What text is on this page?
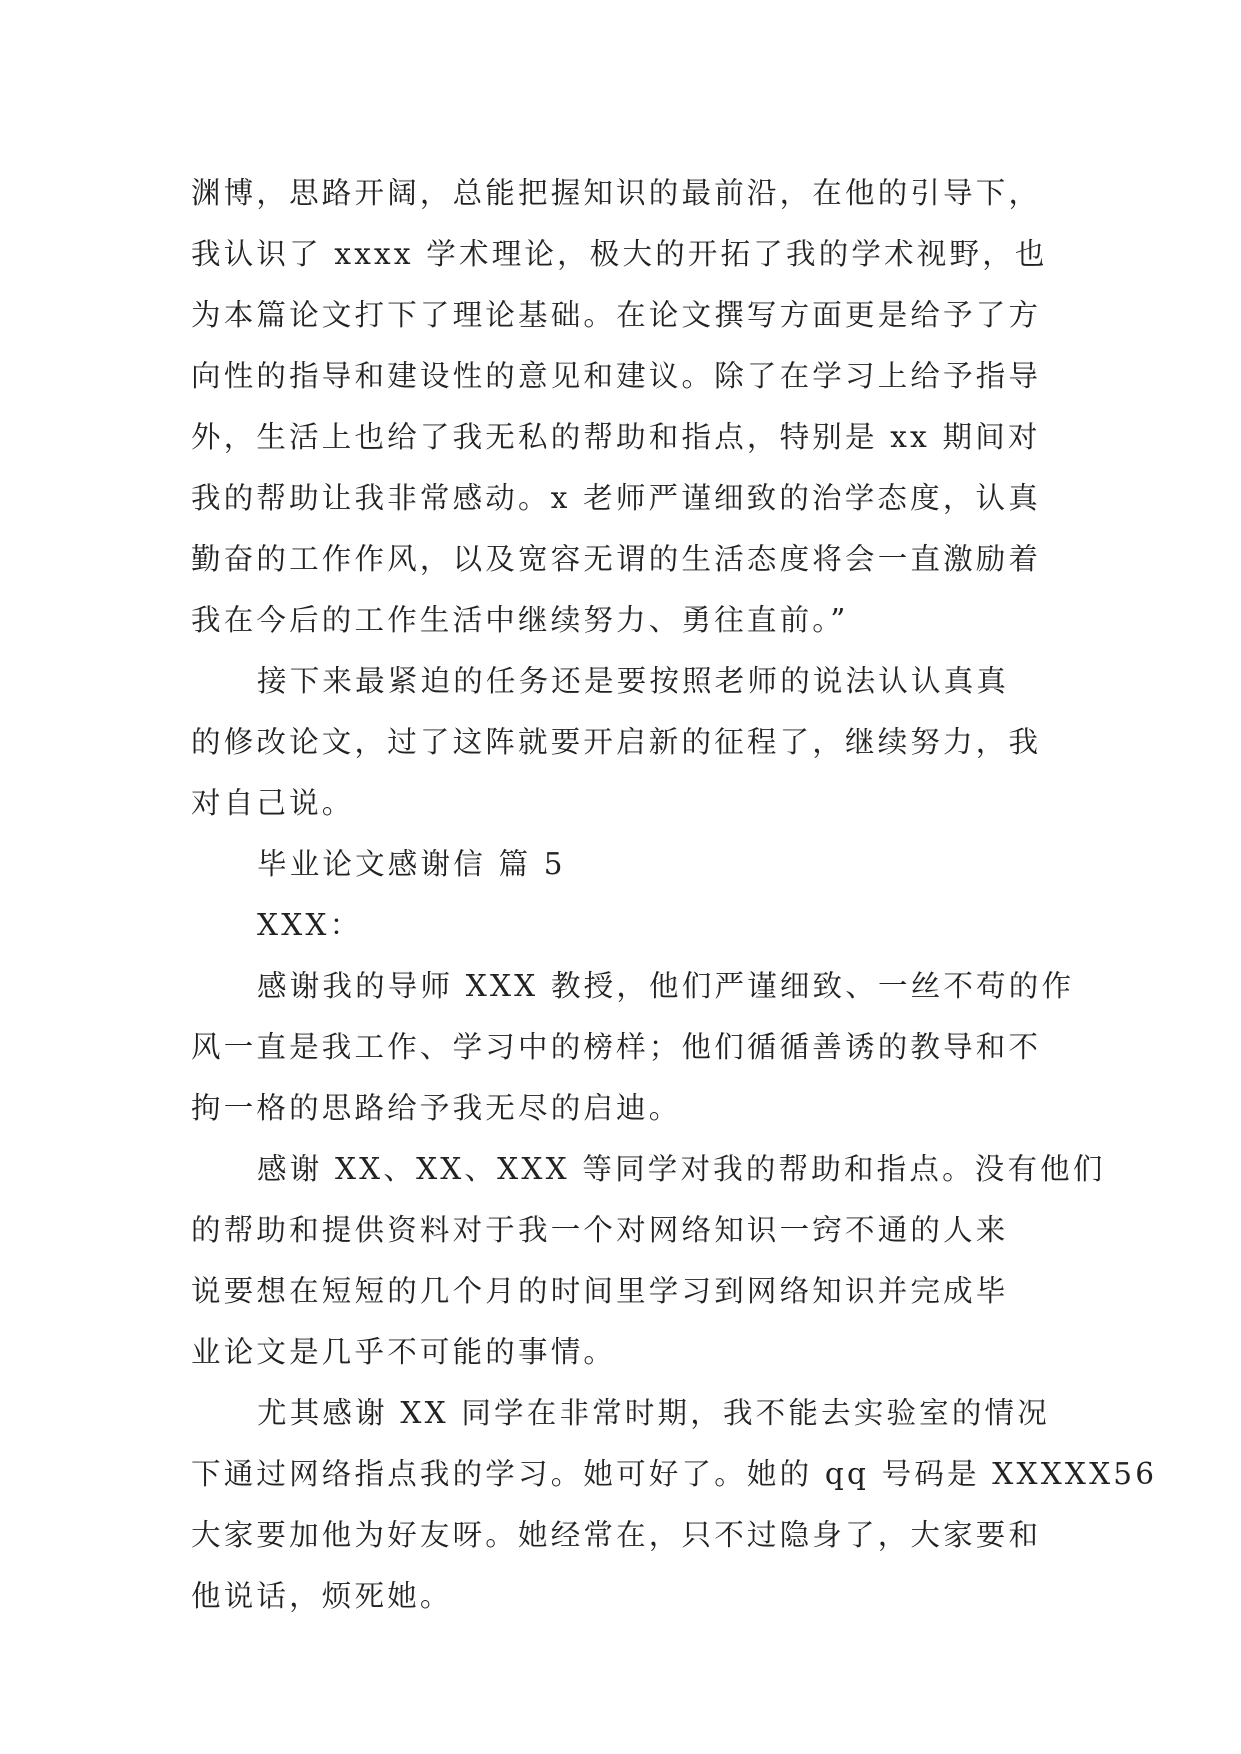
渊博，思路开阔，总能把握知识的最前沿，在他的引导下，
我认识了 xxxx 学术理论，极大的开拓了我的学术视野，也
为本篇论文打下了理论基础。在论文撰写方面更是给予了方
向性的指导和建设性的意见和建议。除了在学习上给予指导
外，生活上也给了我无私的帮助和指点，特别是 xx 期间对
我的帮助让我非常感动。x 老师严谨细致的治学态度，认真
勤奋的工作作风，以及宽容无谓的生活态度将会一直激励着
我在今后的工作生活中继续努力、勇往直前。”
接下来最紧迫的任务还是要按照老师的说法认认真真
的修改论文，过了这阵就要开启新的征程了，继续努力，我
对自己说。
毕业论文感谢信 篇 5
XXX：
感谢我的导师 XXX 教授，他们严谨细致、一丝不苟的作
风一直是我工作、学习中的榜样；他们循循善诱的教导和不
拘一格的思路给予我无尽的启迪。
感谢 XX、XX、XXX 等同学对我的帮助和指点。没有他们
的帮助和提供资料对于我一个对网络知识一窍不通的人来
说要想在短短的几个月的时间里学习到网络知识并完成毕
业论文是几乎不可能的事情。
尤其感谢 XX 同学在非常时期，我不能去实验室的情况
下通过网络指点我的学习。她可好了。她的 qq 号码是 XXXXX56
大家要加他为好友呀。她经常在，只不过隐身了，大家要和
他说话，烦死她。
